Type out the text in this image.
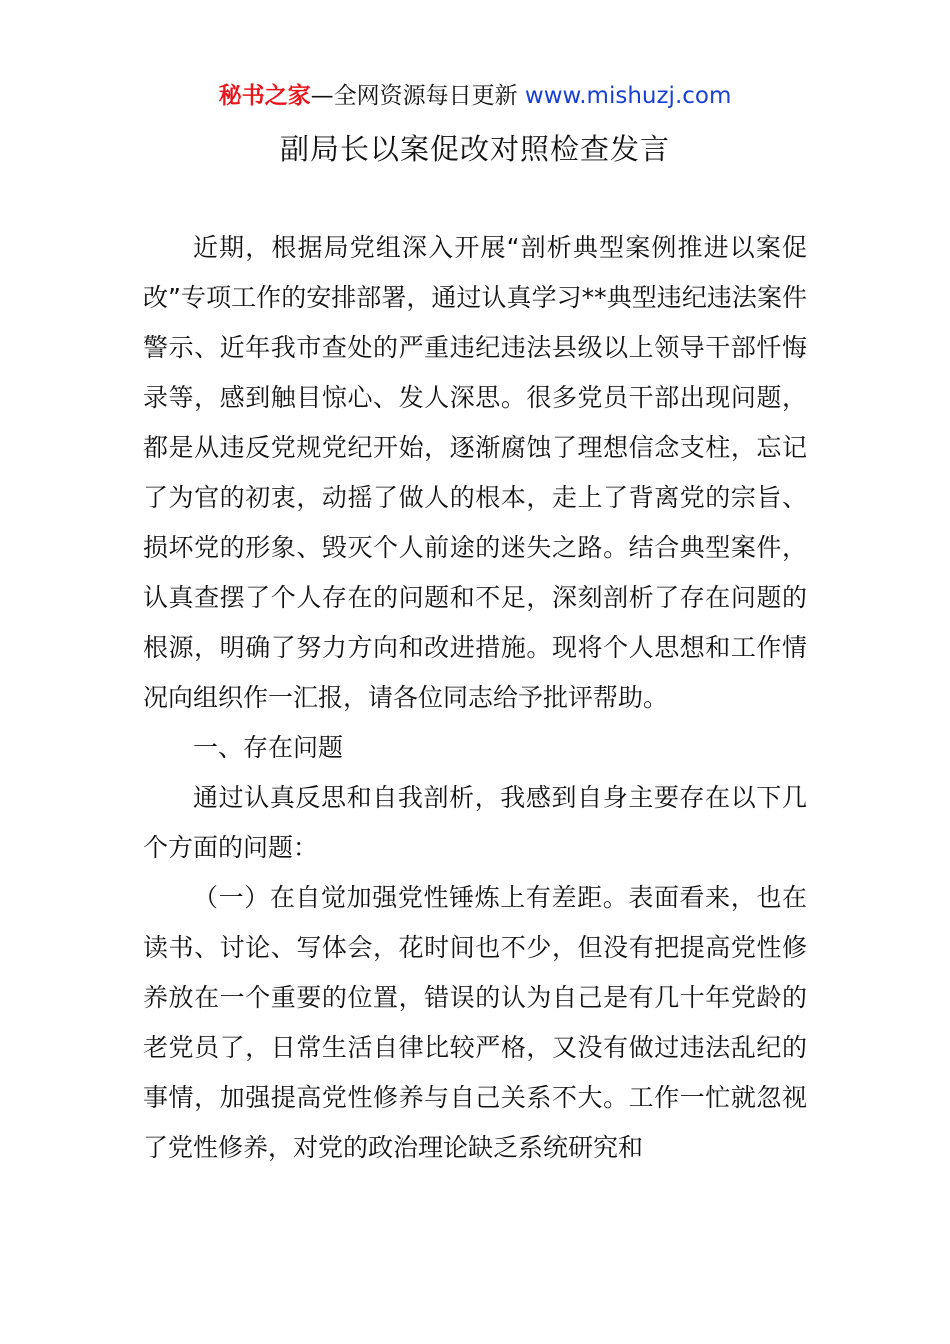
秘书之家—全网资源每日更新 www.mishuzj.com
副局长以案促改对照检查发言

近期，根据局党组深入开展“剖析典型案例推进以案促改”专项工作的安排部署，通过认真学习**典型违纪违法案件警示、近年我市查处的严重违纪违法县级以上领导干部忏悔录等，感到触目惊心、发人深思。很多党员干部出现问题，都是从违反党规党纪开始，逐渐腐蚀了理想信念支柱，忘记了为官的初衷，动摇了做人的根本，走上了背离党的宗旨、损坏党的形象、毁灭个人前途的迷失之路。结合典型案件，认真查摆了个人存在的问题和不足，深刻剖析了存在问题的根源，明确了努力方向和改进措施。现将个人思想和工作情况向组织作一汇报，请各位同志给予批评帮助。

一、存在问题

通过认真反思和自我剖析，我感到自身主要存在以下几个方面的问题：

（一）在自觉加强党性锤炼上有差距。表面看来，也在读书、讨论、写体会，花时间也不少，但没有把提高党性修养放在一个重要的位置，错误的认为自己是有几十年党龄的老党员了，日常生活自律比较严格，又没有做过违法乱纪的事情，加强提高党性修养与自己关系不大。工作一忙就忽视了党性修养，对党的政治理论缺乏系统研究和
